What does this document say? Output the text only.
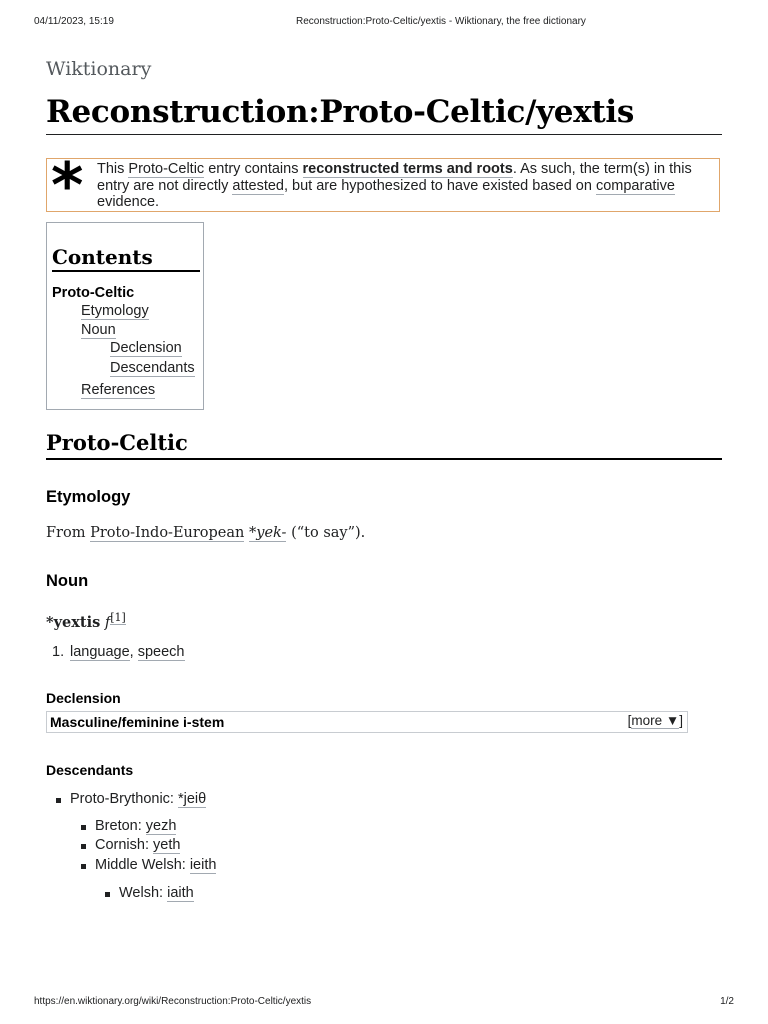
04/11/2023, 15:19	Reconstruction:Proto-Celtic/yextis - Wiktionary, the free dictionary
Wiktionary
Reconstruction:Proto-Celtic/yextis
* This Proto-Celtic entry contains reconstructed terms and roots. As such, the term(s) in this entry are not directly attested, but are hypothesized to have existed based on comparative evidence.
Contents
Proto-Celtic
Etymology
Noun
Declension
Descendants
References
Proto-Celtic
Etymology
From Proto-Indo-European *yek- (“to say”).
Noun
*yextis f[1]
1. language, speech
Declension
Masculine/feminine i-stem	[more ▼]
Descendants
Proto-Brythonic: *jeiθ
Breton: yezh
Cornish: yeth
Middle Welsh: ieith
Welsh: iaith
https://en.wiktionary.org/wiki/Reconstruction:Proto-Celtic/yextis	1/2
